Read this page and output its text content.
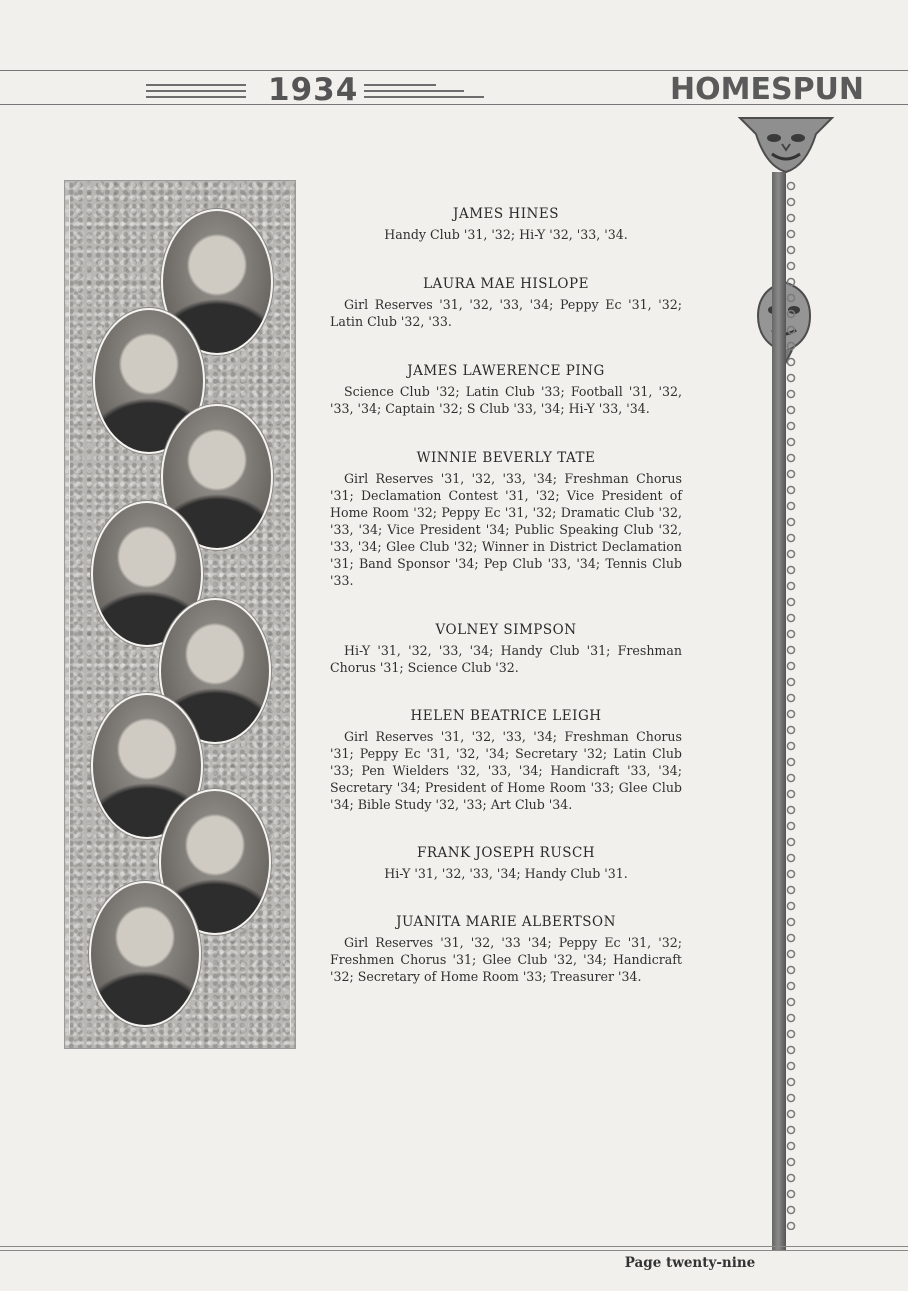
1934	HOMESPUN

JAMES HINES

Handy Club '31, '32; Hi-Y '32, '33, '34.

LAURA MAE HISLOPE

Girl Reserves '31, '32, '33, '34; Peppy Ec '31, '32; Latin Club '32, '33.

JAMES LAWERENCE PING

Science Club '32; Latin Club '33; Football '31, '32, '33, '34; Captain '32; S Club '33, '34; Hi-Y '33, '34.

WINNIE BEVERLY TATE

Girl Reserves '31, '32, '33, '34; Freshman Chorus '31; Declamation Contest '31, '32; Vice President of Home Room '32; Peppy Ec '31, '32; Dramatic Club '32, '33, '34; Vice President '34; Public Speaking Club '32, '33, '34; Glee Club '32; Winner in District Declamation '31; Band Sponsor '34; Pep Club '33, '34; Tennis Club '33.

VOLNEY SIMPSON

Hi-Y '31, '32, '33, '34; Handy Club '31; Freshman Chorus '31; Science Club '32.

HELEN BEATRICE LEIGH

Girl Reserves '31, '32, '33, '34; Freshman Chorus '31; Peppy Ec '31, '32, '34; Secretary '32; Latin Club '33; Pen Wielders '32, '33, '34; Handicraft '33, '34; Secretary '34; President of Home Room '33; Glee Club '34; Bible Study '32, '33; Art Club '34.

FRANK JOSEPH RUSCH

Hi-Y '31, '32, '33, '34; Handy Club '31.

JUANITA MARIE ALBERTSON

Girl Reserves '31, '32, '33 '34; Peppy Ec '31, '32; Freshmen Chorus '31; Glee Club '32, '34; Handicraft '32; Secretary of Home Room '33; Treasurer '34.

Page twenty-nine
